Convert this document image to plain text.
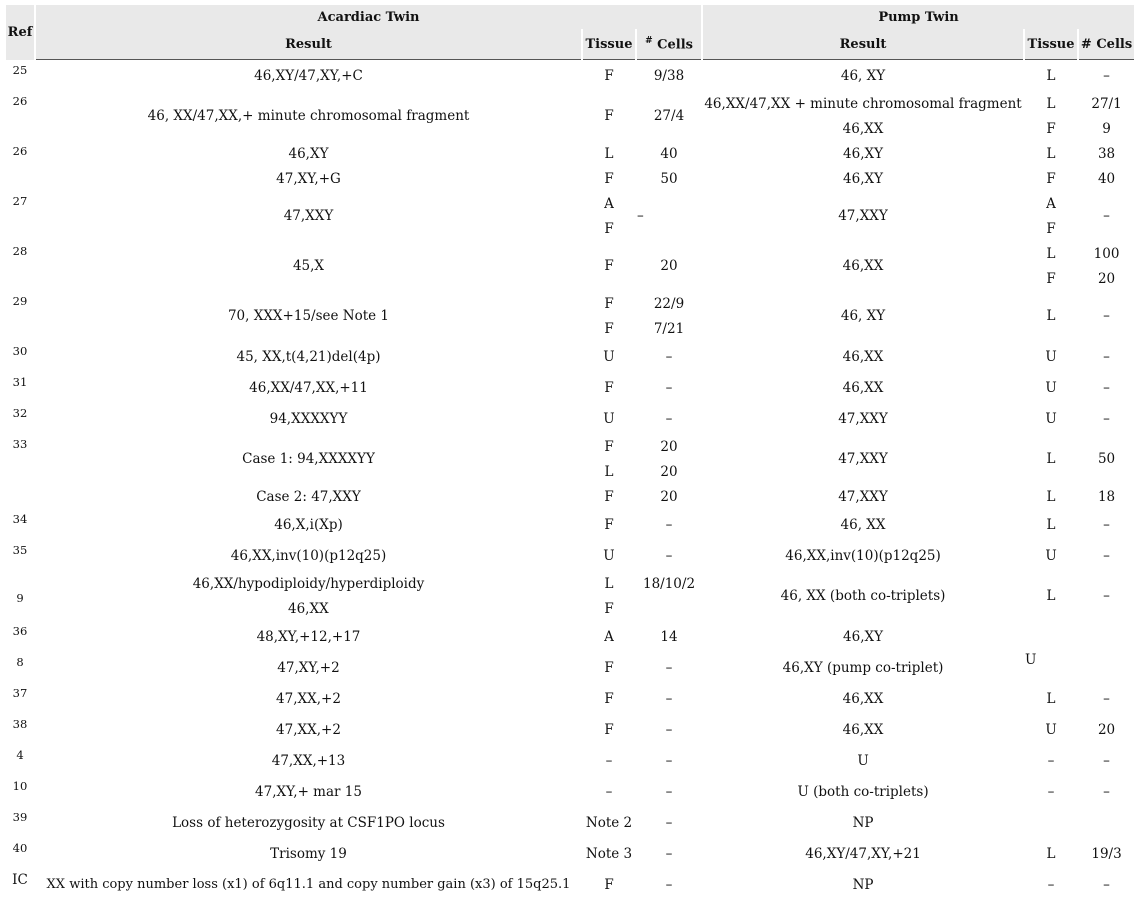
Ref	Acardiac Twin			Pump Twin		
	Result	Tissue	# Cells	Result	Tissue	# Cells
25	46,XY/47,XY,+C	F	9/38	46, XY	L	–
26	46, XX/47,XX,+ minute chromosomal fragment	F	27/4	46,XX/47,XX + minute chromosomal fragment	L	27/1
				46,XX	F	9
26	46,XY	L	40	46,XY	L	38
	47,XY,+G	F	50	46,XY	F	40
27	47,XXY	A	–	47,XXY	A	–
		F			F	
28	45,X	F	20	46,XX	L	100
					F	20
29	70, XXX+15/see Note 1	F	22/9	46, XY	L	–
		F	7/21			
30	45, XX,t(4,21)del(4p)	U	–	46,XX	U	–
31	46,XX/47,XX,+11	F	–	46,XX	U	–
32	94,XXXXYY	U	–	47,XXY	U	–
33	Case 1: 94,XXXXYY	F	20	47,XXY	L	50
		L	20			
	Case 2: 47,XXY	F	20	47,XXY	L	18
34	46,X,i(Xp)	F	–	46, XX	L	–
35	46,XX,inv(10)(p12q25)	U	–	46,XX,inv(10)(p12q25)	U	–
9	46,XX/hypodiploidy/hyperdiploidy	L	18/10/2	46, XX (both co-triplets)	L	–
	46,XX	F				
36	48,XY,+12,+17	A	14	46,XY		
8	47,XY,+2	F	–	46,XY (pump co-triplet)	U	
37	47,XX,+2	F	–	46,XX	L	–
38	47,XX,+2	F	–	46,XX	U	20
4	47,XX,+13	–	–	U	–	–
10	47,XY,+ mar 15	–	–	U (both co-triplets)	–	–
39	Loss of heterozygosity at CSF1PO locus	Note 2	–	NP		
40	Trisomy 19	Note 3	–	46,XY/47,XY,+21	L	19/3
IC	XX with copy number loss (x1) of 6q11.1 and copy number gain (x3) of 15q25.1	F	–	NP	–	–
